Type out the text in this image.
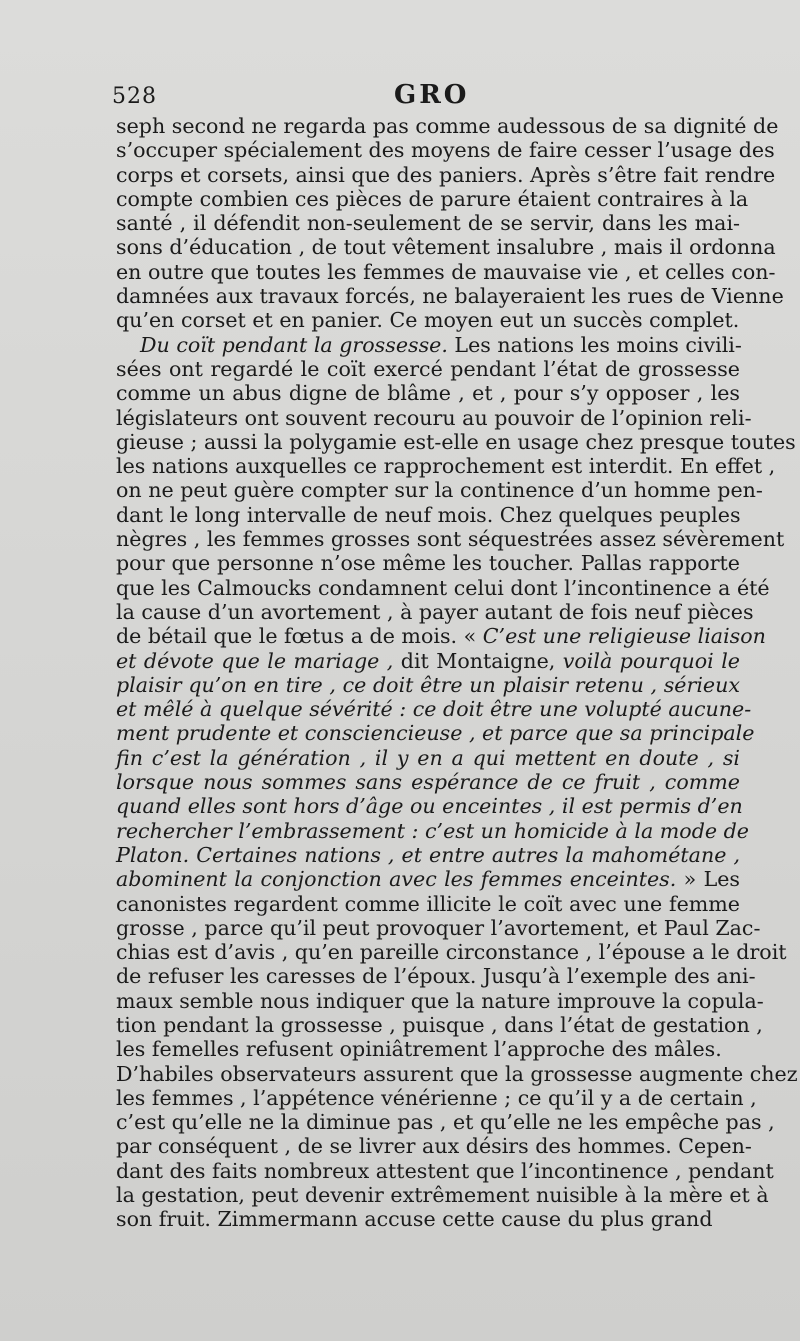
528	GRO
seph second ne regarda pas comme audessous de sa dignité de
s’occuper spécialement des moyens de faire cesser l’usage des
corps et corsets, ainsi que des paniers. Après s’être fait rendre
compte combien ces pièces de parure étaient contraires à la
santé , il défendit non-seulement de se servir, dans les mai-
sons d’éducation , de tout vêtement insalubre , mais il ordonna
en outre que toutes les femmes de mauvaise vie , et celles con-
damnées aux travaux forcés, ne balayeraient les rues de Vienne
qu’en corset et en panier. Ce moyen eut un succès complet.
Du coït pendant la grossesse. Les nations les moins civili-
sées ont regardé le coït exercé pendant l’état de grossesse
comme un abus digne de blâme , et , pour s’y opposer , les
législateurs ont souvent recouru au pouvoir de l’opinion reli-
gieuse ; aussi la polygamie est-elle en usage chez presque toutes
les nations auxquelles ce rapprochement est interdit. En effet ,
on ne peut guère compter sur la continence d’un homme pen-
dant le long intervalle de neuf mois. Chez quelques peuples
nègres , les femmes grosses sont séquestrées assez sévèrement
pour que personne n’ose même les toucher. Pallas rapporte
que les Calmoucks condamnent celui dont l’incontinence a été
la cause d’un avortement , à payer autant de fois neuf pièces
de bétail que le fœtus a de mois. « C’est une religieuse liaison
et dévote que le mariage , dit Montaigne, voilà pourquoi le
plaisir qu’on en tire , ce doit être un plaisir retenu , sérieux
et mêlé à quelque sévérité : ce doit être une volupté aucune-
ment prudente et consciencieuse , et parce que sa principale
fin c’est la génération , il y en a qui mettent en doute , si
lorsque nous sommes sans espérance de ce fruit , comme
quand elles sont hors d’âge ou enceintes , il est permis d’en
rechercher l’embrassement : c’est un homicide à la mode de
Platon. Certaines nations , et entre autres la mahométane ,
abominent la conjonction avec les femmes enceintes. » Les
canonistes regardent comme illicite le coït avec une femme
grosse , parce qu’il peut provoquer l’avortement, et Paul Zac-
chias est d’avis , qu’en pareille circonstance , l’épouse a le droit
de refuser les caresses de l’époux. Jusqu’à l’exemple des ani-
maux semble nous indiquer que la nature improuve la copula-
tion pendant la grossesse , puisque , dans l’état de gestation ,
les femelles refusent opiniâtrement l’approche des mâles.
D’habiles observateurs assurent que la grossesse augmente chez
les femmes , l’appétence vénérienne ; ce qu’il y a de certain ,
c’est qu’elle ne la diminue pas , et qu’elle ne les empêche pas ,
par conséquent , de se livrer aux désirs des hommes. Cepen-
dant des faits nombreux attestent que l’incontinence , pendant
la gestation, peut devenir extrêmement nuisible à la mère et à
son fruit. Zimmermann accuse cette cause du plus grand
